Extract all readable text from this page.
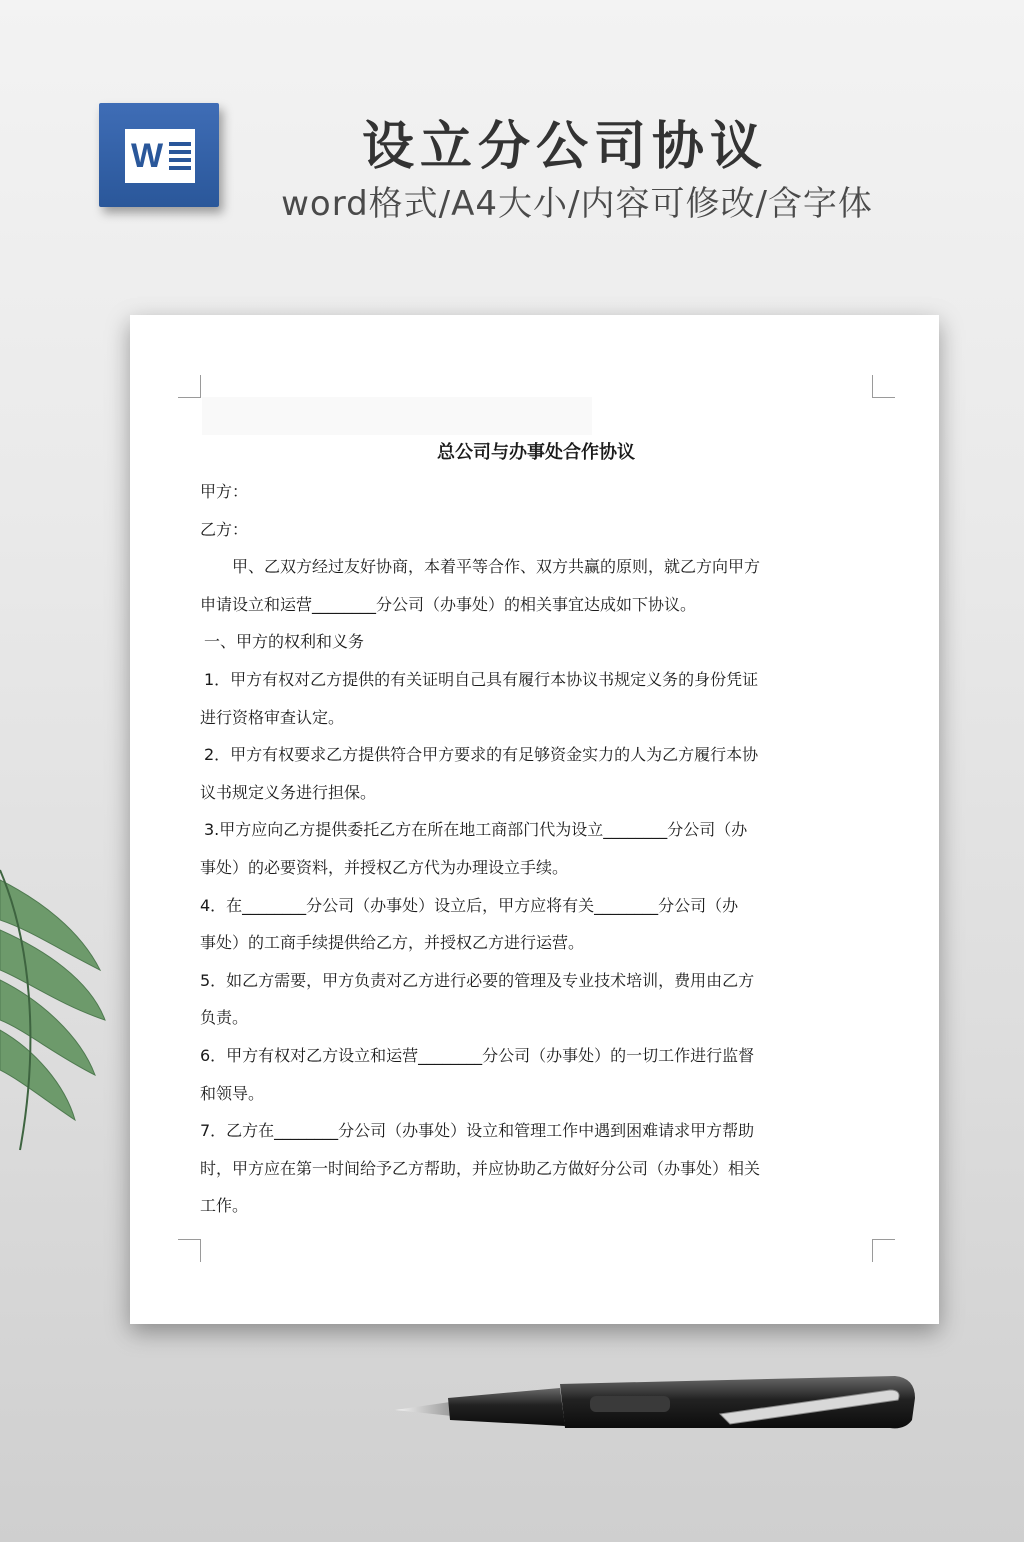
W	设立分公司协议
word格式/A4大小/内容可修改/含字体
总公司与办事处合作协议
甲方：
乙方：
甲、乙双方经过友好协商，本着平等合作、双方共赢的原则，就乙方向甲方
申请设立和运营________分公司（办事处）的相关事宜达成如下协议。
一、甲方的权利和义务
1．甲方有权对乙方提供的有关证明自己具有履行本协议书规定义务的身份凭证
进行资格审查认定。
2．甲方有权要求乙方提供符合甲方要求的有足够资金实力的人为乙方履行本协
议书规定义务进行担保。
3.甲方应向乙方提供委托乙方在所在地工商部门代为设立________分公司（办
事处）的必要资料，并授权乙方代为办理设立手续。
4．在________分公司（办事处）设立后，甲方应将有关________分公司（办
事处）的工商手续提供给乙方，并授权乙方进行运营。
5．如乙方需要，甲方负责对乙方进行必要的管理及专业技术培训，费用由乙方
负责。
6．甲方有权对乙方设立和运营________分公司（办事处）的一切工作进行监督
和领导。
7．乙方在________分公司（办事处）设立和管理工作中遇到困难请求甲方帮助
时，甲方应在第一时间给予乙方帮助，并应协助乙方做好分公司（办事处）相关
工作。
